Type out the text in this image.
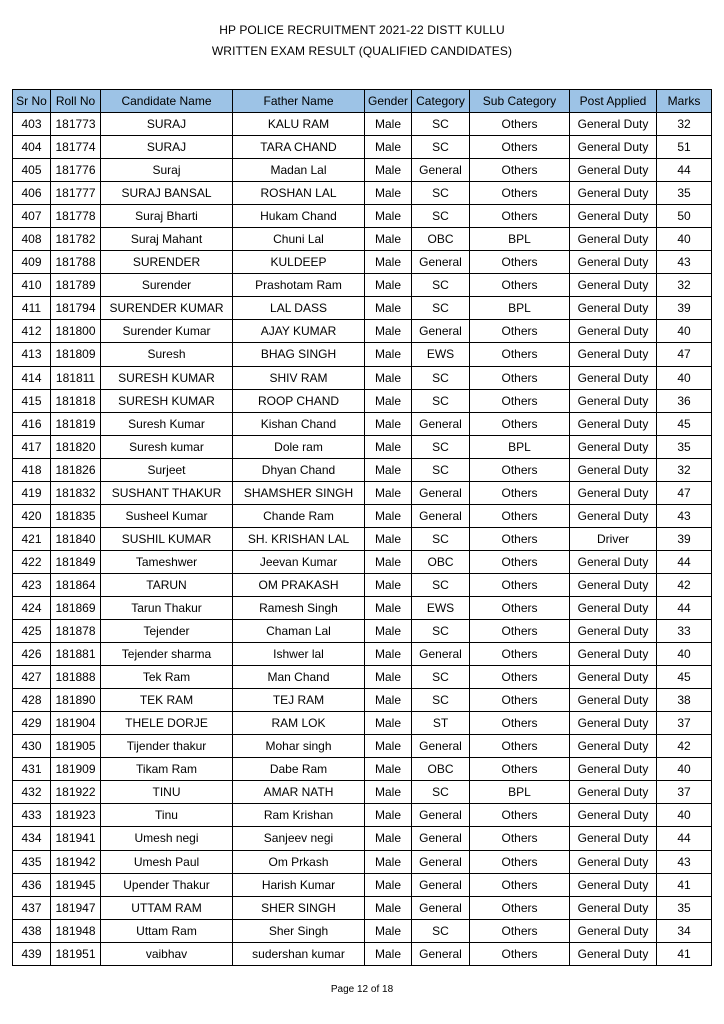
HP POLICE RECRUITMENT 2021-22 DISTT KULLU
WRITTEN EXAM RESULT (QUALIFIED CANDIDATES)
Sr No	Roll No	Candidate Name	Father Name	Gender	Category	Sub Category	Post Applied	Marks
403	181773	SURAJ	KALU RAM	Male	SC	Others	General Duty	32
404	181774	SURAJ	TARA CHAND	Male	SC	Others	General Duty	51
405	181776	Suraj	Madan Lal	Male	General	Others	General Duty	44
406	181777	SURAJ BANSAL	ROSHAN LAL	Male	SC	Others	General Duty	35
407	181778	Suraj Bharti	Hukam Chand	Male	SC	Others	General Duty	50
408	181782	Suraj Mahant	Chuni Lal	Male	OBC	BPL	General Duty	40
409	181788	SURENDER	KULDEEP	Male	General	Others	General Duty	43
410	181789	Surender	Prashotam Ram	Male	SC	Others	General Duty	32
411	181794	SURENDER KUMAR	LAL DASS	Male	SC	BPL	General Duty	39
412	181800	Surender Kumar	AJAY KUMAR	Male	General	Others	General Duty	40
413	181809	Suresh	BHAG SINGH	Male	EWS	Others	General Duty	47
414	181811	SURESH KUMAR	SHIV RAM	Male	SC	Others	General Duty	40
415	181818	SURESH KUMAR	ROOP CHAND	Male	SC	Others	General Duty	36
416	181819	Suresh Kumar	Kishan Chand	Male	General	Others	General Duty	45
417	181820	Suresh kumar	Dole ram	Male	SC	BPL	General Duty	35
418	181826	Surjeet	Dhyan Chand	Male	SC	Others	General Duty	32
419	181832	SUSHANT THAKUR	SHAMSHER SINGH	Male	General	Others	General Duty	47
420	181835	Susheel Kumar	Chande Ram	Male	General	Others	General Duty	43
421	181840	SUSHIL KUMAR	SH. KRISHAN LAL	Male	SC	Others	Driver	39
422	181849	Tameshwer	Jeevan Kumar	Male	OBC	Others	General Duty	44
423	181864	TARUN	OM PRAKASH	Male	SC	Others	General Duty	42
424	181869	Tarun Thakur	Ramesh Singh	Male	EWS	Others	General Duty	44
425	181878	Tejender	Chaman Lal	Male	SC	Others	General Duty	33
426	181881	Tejender sharma	Ishwer lal	Male	General	Others	General Duty	40
427	181888	Tek Ram	Man Chand	Male	SC	Others	General Duty	45
428	181890	TEK RAM	TEJ RAM	Male	SC	Others	General Duty	38
429	181904	THELE DORJE	RAM LOK	Male	ST	Others	General Duty	37
430	181905	Tijender thakur	Mohar singh	Male	General	Others	General Duty	42
431	181909	Tikam Ram	Dabe Ram	Male	OBC	Others	General Duty	40
432	181922	TINU	AMAR NATH	Male	SC	BPL	General Duty	37
433	181923	Tinu	Ram Krishan	Male	General	Others	General Duty	40
434	181941	Umesh negi	Sanjeev negi	Male	General	Others	General Duty	44
435	181942	Umesh Paul	Om Prkash	Male	General	Others	General Duty	43
436	181945	Upender Thakur	Harish Kumar	Male	General	Others	General Duty	41
437	181947	UTTAM RAM	SHER SINGH	Male	General	Others	General Duty	35
438	181948	Uttam Ram	Sher Singh	Male	SC	Others	General Duty	34
439	181951	vaibhav	sudershan kumar	Male	General	Others	General Duty	41
Page 12 of 18
